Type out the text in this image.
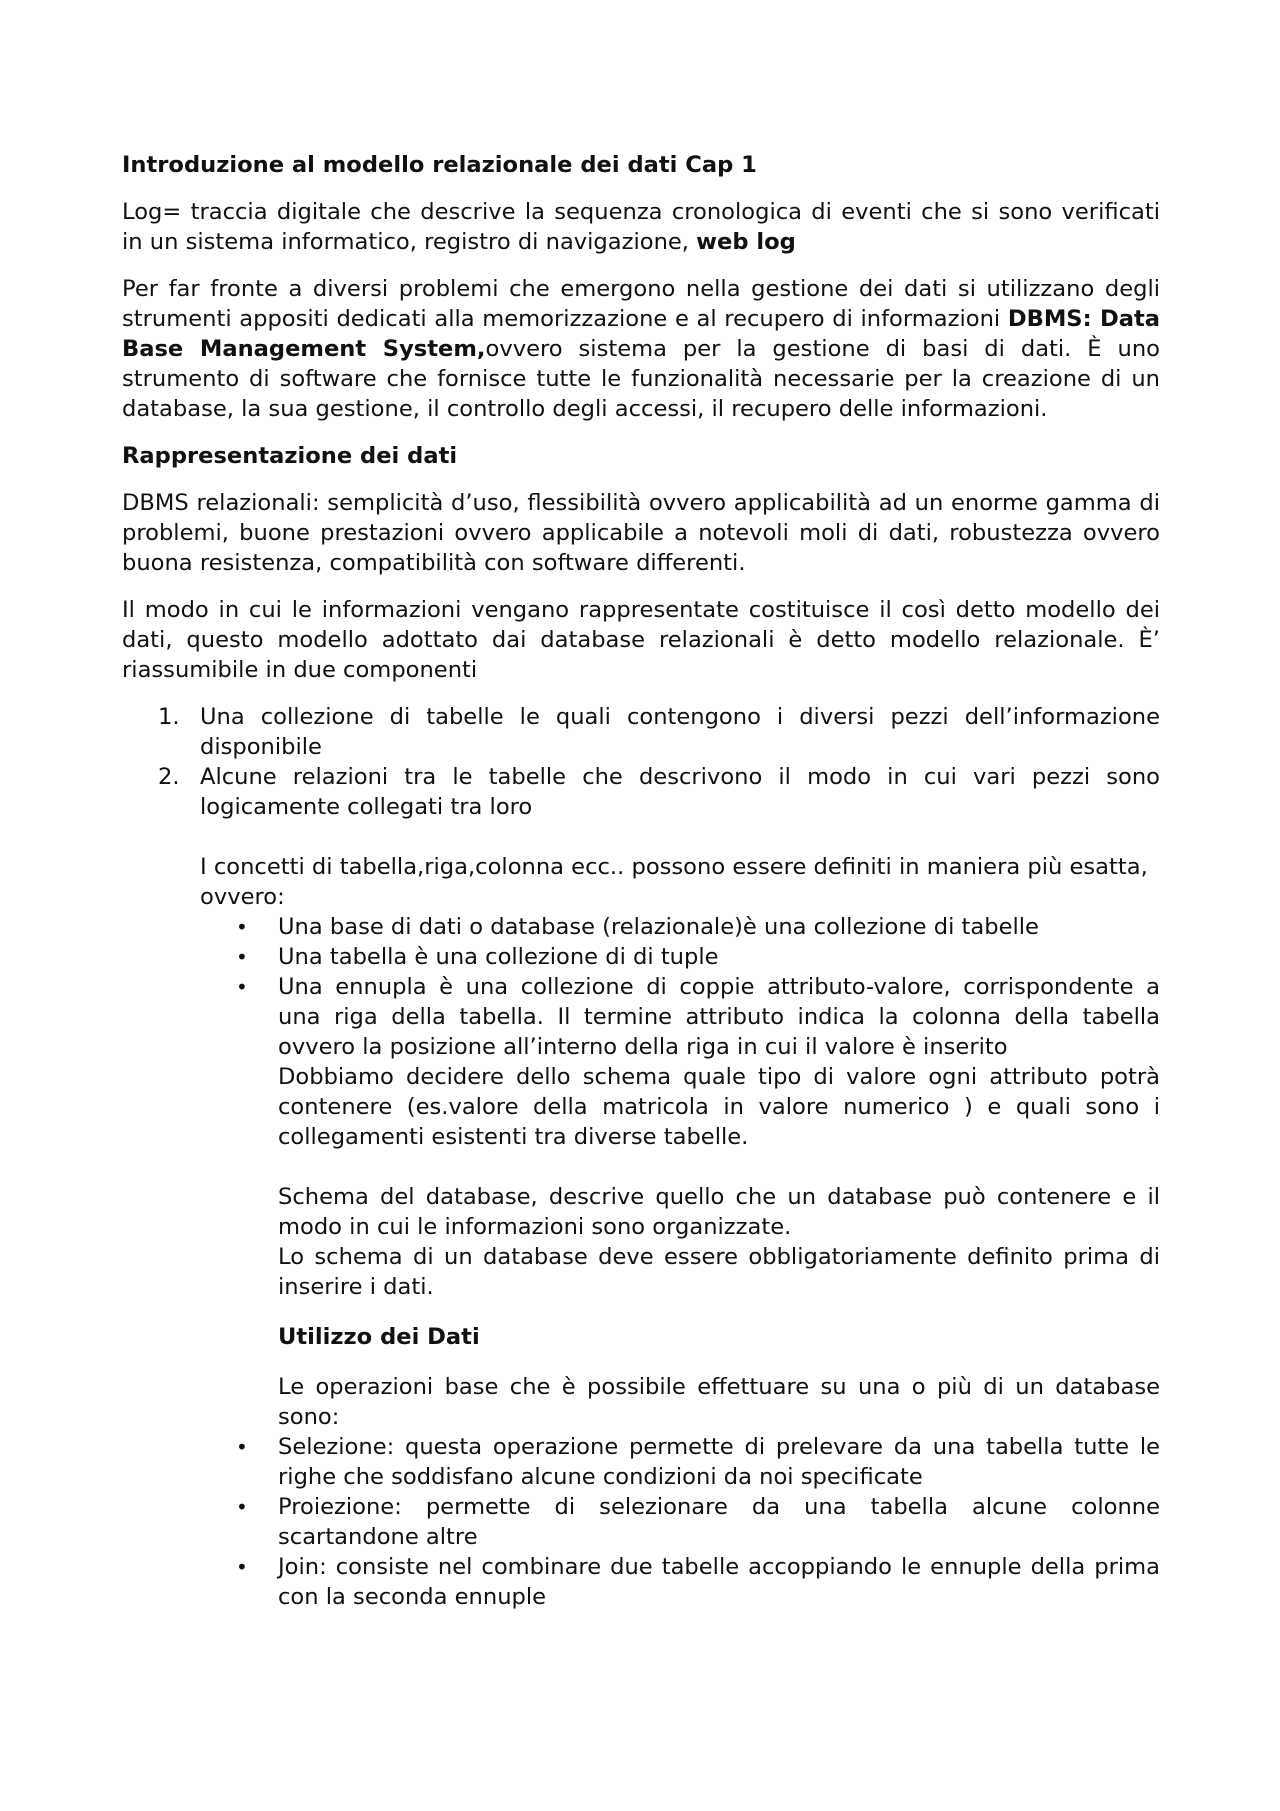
Introduzione al modello relazionale dei dati Cap 1
Log= traccia digitale che descrive la sequenza cronologica di eventi che si sono verificati in un sistema informatico, registro di navigazione, web log
Per far fronte a diversi problemi che emergono nella gestione dei dati si utilizzano degli strumenti appositi dedicati alla memorizzazione e al recupero di informazioni DBMS: Data Base Management System,ovvero sistema per la gestione di basi di dati. È uno strumento di software che fornisce tutte le funzionalità necessarie per la creazione di un database, la sua gestione, il controllo degli accessi, il recupero delle informazioni.
Rappresentazione dei dati
DBMS relazionali: semplicità d’uso, flessibilità ovvero applicabilità ad un enorme gamma di problemi, buone prestazioni ovvero applicabile a notevoli moli di dati, robustezza ovvero buona resistenza, compatibilità con software differenti.
Il modo in cui le informazioni vengano rappresentate costituisce il così detto modello dei dati, questo modello adottato dai database relazionali è detto modello relazionale. È’ riassumibile in due componenti
1. Una collezione di tabelle le quali contengono i diversi pezzi dell’informazione disponibile
2. Alcune relazioni tra le tabelle che descrivono il modo in cui vari pezzi sono logicamente collegati tra loro
I concetti di tabella,riga,colonna ecc.. possono essere definiti in maniera più esatta, ovvero:
• Una base di dati o database (relazionale)è una collezione di tabelle
• Una tabella è una collezione di di tuple
• Una ennupla è una collezione di coppie attributo-valore, corrispondente a una riga della tabella. Il termine attributo indica la colonna della tabella ovvero la posizione all’interno della riga in cui il valore è inserito
Dobbiamo decidere dello schema quale tipo di valore ogni attributo potrà contenere (es.valore della matricola in valore numerico ) e quali sono i collegamenti esistenti tra diverse tabelle.
Schema del database, descrive quello che un database può contenere e il modo in cui le informazioni sono organizzate.
Lo schema di un database deve essere obbligatoriamente definito prima di inserire i dati.
Utilizzo dei Dati
Le operazioni base che è possibile effettuare su una o più di un database sono:
• Selezione: questa operazione permette di prelevare da una tabella tutte le righe che soddisfano alcune condizioni da noi specificate
• Proiezione: permette di selezionare da una tabella alcune colonne scartandone altre
• Join: consiste nel combinare due tabelle accoppiando le ennuple della prima con la seconda ennuple
